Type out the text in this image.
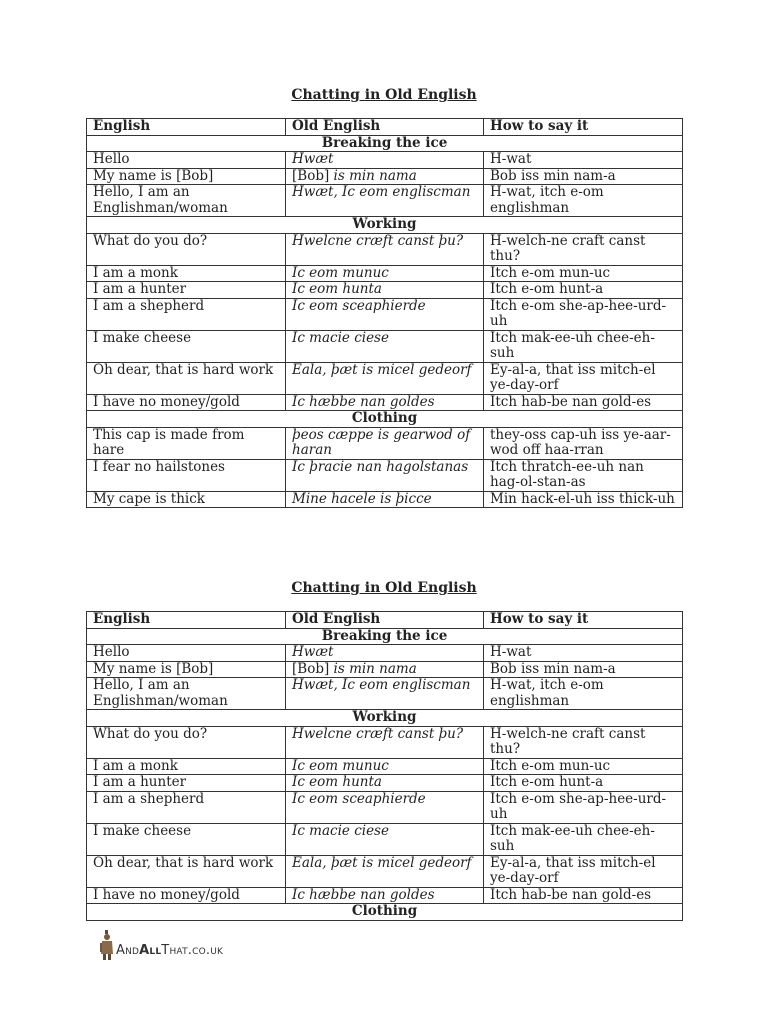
Chatting in Old English
English	Old English	How to say it
Breaking the ice		
Hello	Hwæt	H-wat
My name is [Bob]	[Bob] is min nama	Bob iss min nam-a
Hello, I am an Englishman/woman	Hwæt, Ic eom engliscman	H-wat, itch e-om englishman
Working		
What do you do?	Hwelcne cræft canst þu?	H-welch-ne craft canst thu?
I am a monk	Ic eom munuc	Itch e-om mun-uc
I am a hunter	Ic eom hunta	Itch e-om hunt-a
I am a shepherd	Ic eom sceaphierde	Itch e-om she-ap-hee-urd-uh
I make cheese	Ic macie ciese	Itch mak-ee-uh chee-eh-suh
Oh dear, that is hard work	Eala, þæt is micel gedeorf	Ey-al-a, that iss mitch-el ye-day-orf
I have no money/gold	Ic hæbbe nan goldes	Itch hab-be nan gold-es
Clothing		
This cap is made from hare	þeos cæppe is gearwod of haran	they-oss cap-uh iss ye-aar-wod off haa-rran
I fear no hailstones	Ic þracie nan hagolstanas	Itch thratch-ee-uh nan hag-ol-stan-as
My cape is thick	Mine hacele is þicce	Min hack-el-uh iss thick-uh
Chatting in Old English
English	Old English	How to say it
Breaking the ice		
Hello	Hwæt	H-wat
My name is [Bob]	[Bob] is min nama	Bob iss min nam-a
Hello, I am an Englishman/woman	Hwæt, Ic eom engliscman	H-wat, itch e-om englishman
Working		
What do you do?	Hwelcne cræft canst þu?	H-welch-ne craft canst thu?
I am a monk	Ic eom munuc	Itch e-om mun-uc
I am a hunter	Ic eom hunta	Itch e-om hunt-a
I am a shepherd	Ic eom sceaphierde	Itch e-om she-ap-hee-urd-uh
I make cheese	Ic macie ciese	Itch mak-ee-uh chee-eh-suh
Oh dear, that is hard work	Eala, þæt is micel gedeorf	Ey-al-a, that iss mitch-el ye-day-orf
I have no money/gold	Ic hæbbe nan goldes	Itch hab-be nan gold-es
Clothing		
AndAllThat.co.uk
